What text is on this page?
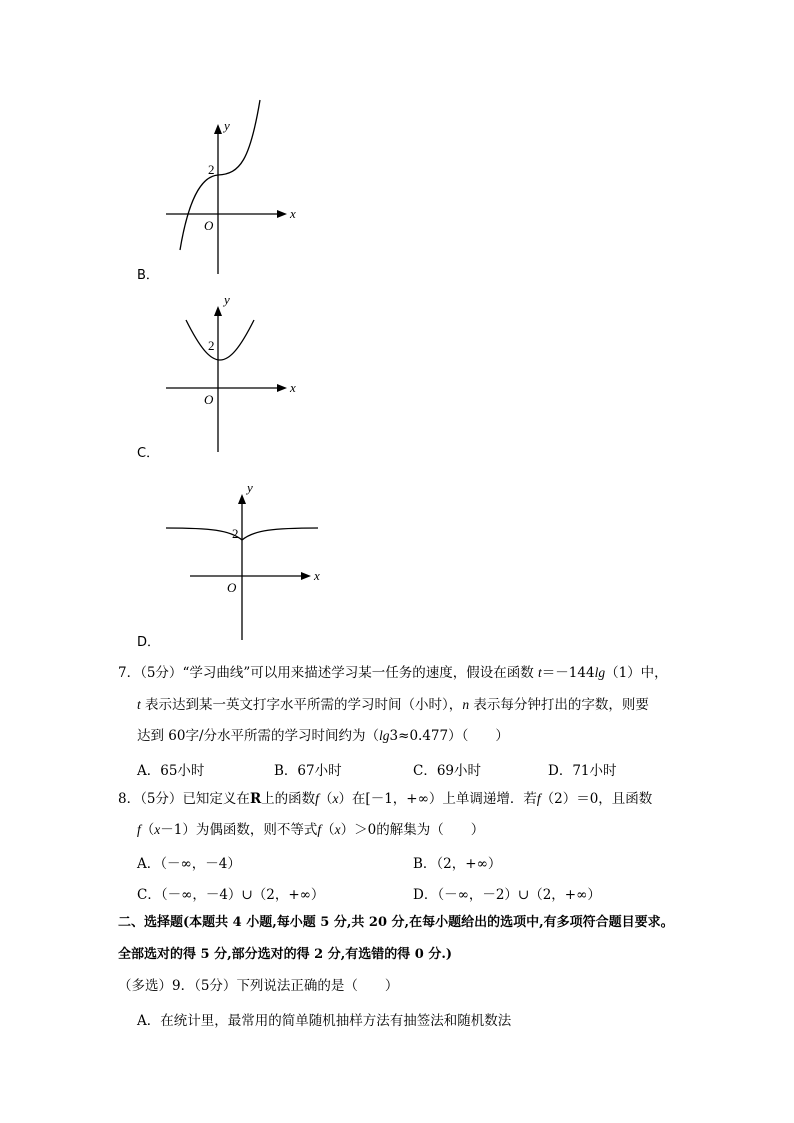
x
y
O
2
B．
x
y
O
2
C．
x
y
O
2
D．
7．（5分）“学习曲线”可以用来描述学习某一任务的速度，假设在函数 t＝－144lg（1）中，
t 表示达到某一英文打字水平所需的学习时间（小时），n 表示每分钟打出的字数，则要
达到 60字/分水平所需的学习时间约为（lg3≈0.477）（　　）
A．65小时	B．67小时	C．69小时	D．71小时
8．（5分）已知定义在R上的函数f（x）在[－1，+∞）上单调递增．若f（2）＝0，且函数
f（x－1）为偶函数，则不等式f（x）＞0的解集为（　　）
A．（－∞，－4）	B．（2，+∞）
C．（－∞，－4）∪（2，+∞）	D．（－∞，－2）∪（2，+∞）
二、选择题(本题共 4 小题,每小题 5 分,共 20 分,在每小题给出的选项中,有多项符合题目要求。
全部选对的得 5 分,部分选对的得 2 分,有选错的得 0 分.)
（多选）9．（5分）下列说法正确的是（　　）
A．在统计里，最常用的简单随机抽样方法有抽签法和随机数法
